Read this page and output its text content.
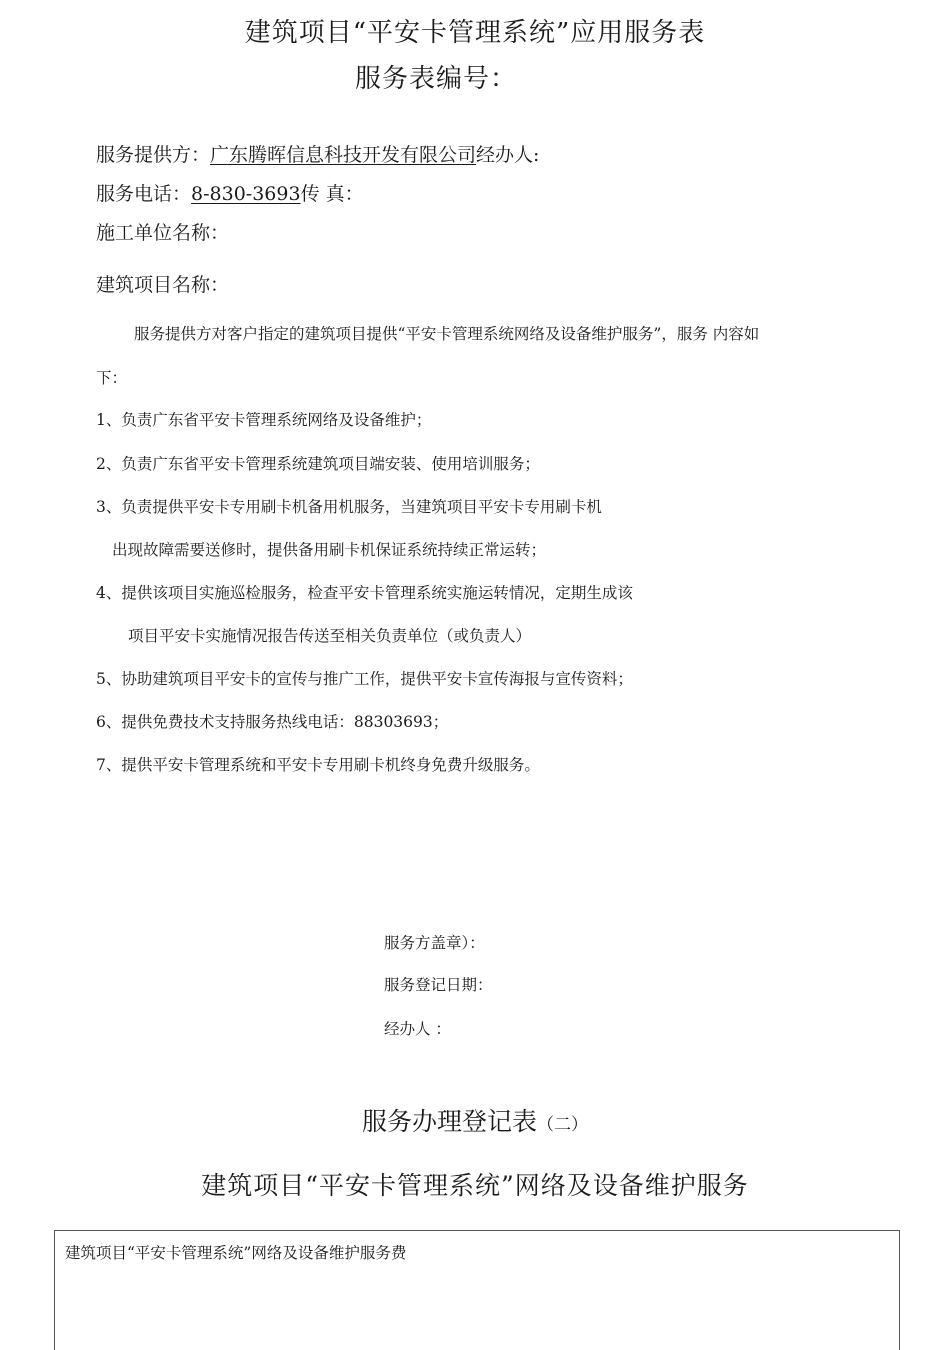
建筑项目“平安卡管理系统”应用服务表
服务表编号：
服务提供方：广东腾晖信息科技开发有限公司经办人:
服务电话：8-830-3693传 真：
施工单位名称：
建筑项目名称：
服务提供方对客户指定的建筑项目提供“平安卡管理系统网络及设备维护服务”，服务 内容如
下：
1、负责广东省平安卡管理系统网络及设备维护；
2、负责广东省平安卡管理系统建筑项目端安装、使用培训服务；
3、负责提供平安卡专用刷卡机备用机服务，当建筑项目平安卡专用刷卡机
出现故障需要送修时，提供备用刷卡机保证系统持续正常运转；
4、提供该项目实施巡检服务，检查平安卡管理系统实施运转情况，定期生成该
项目平安卡实施情况报告传送至相关负责单位（或负责人）
5、协助建筑项目平安卡的宣传与推广工作，提供平安卡宣传海报与宣传资料；
6、提供免费技术支持服务热线电话：88303693；
7、提供平安卡管理系统和平安卡专用刷卡机终身免费升级服务。
服务方盖章）：
服务登记日期：
经办人 ：
服务办理登记表（二）
建筑项目“平安卡管理系统”网络及设备维护服务
建筑项目“平安卡管理系统”网络及设备维护服务费
